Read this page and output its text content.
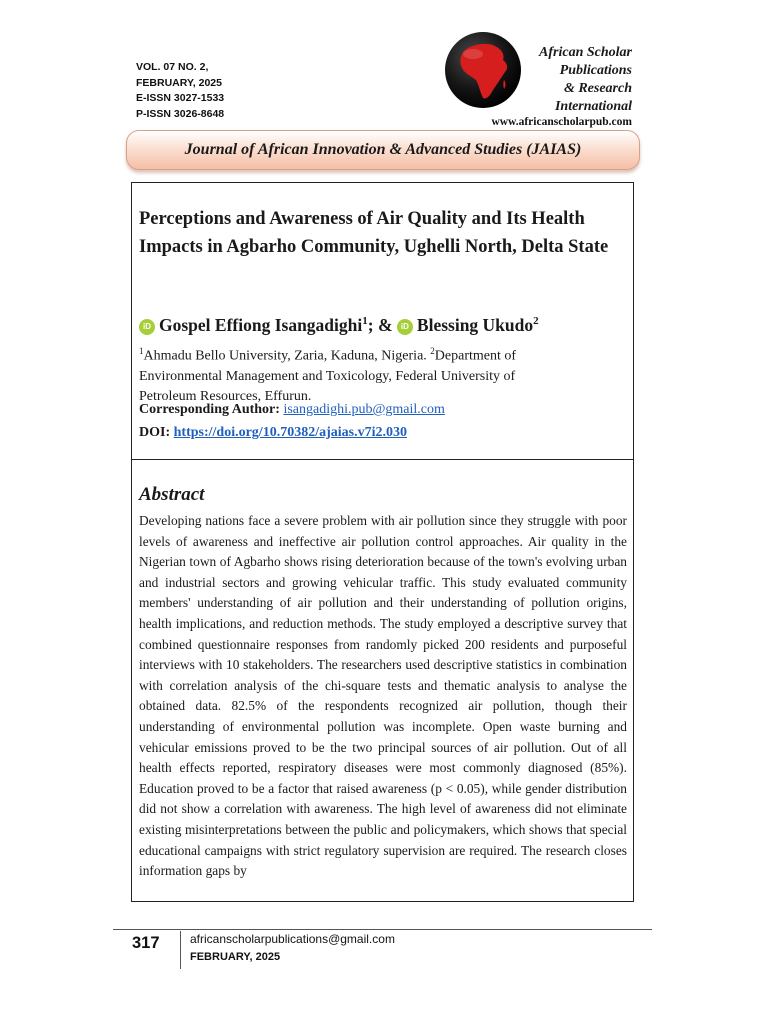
VOL. 07 NO. 2,
FEBRUARY, 2025
E-ISSN 3027-1533
P-ISSN 3026-8648
African Scholar
Publications
& Research
International
www.africanscholarpub.com
Journal of African Innovation & Advanced Studies (JAIAS)
Perceptions and Awareness of Air Quality and Its Health Impacts in Agbarho Community, Ughelli North, Delta State
iD Gospel Effiong Isangadighi$^1$; & iD Blessing Ukudo$^2$
$^1$Ahmadu Bello University, Zaria, Kaduna, Nigeria. $^2$Department of Environmental Management and Toxicology, Federal University of Petroleum Resources, Effurun.
Corresponding Author: isangadighi.pub@gmail.com
DOI: https://doi.org/10.70382/ajaias.v7i2.030
Abstract
Developing nations face a severe problem with air pollution since they struggle with poor levels of awareness and ineffective air pollution control approaches. Air quality in the Nigerian town of Agbarho shows rising deterioration because of the town's evolving urban and industrial sectors and growing vehicular traffic. This study evaluated community members' understanding of air pollution and their understanding of pollution origins, health implications, and reduction methods. The study employed a descriptive survey that combined questionnaire responses from randomly picked 200 residents and purposeful interviews with 10 stakeholders. The researchers used descriptive statistics in combination with correlation analysis of the chi-square tests and thematic analysis to analyse the obtained data. 82.5% of the respondents recognized air pollution, though their understanding of environmental pollution was incomplete. Open waste burning and vehicular emissions proved to be the two principal sources of air pollution. Out of all health effects reported, respiratory diseases were most commonly diagnosed (85%). Education proved to be a factor that raised awareness (p < 0.05), while gender distribution did not show a correlation with awareness. The high level of awareness did not eliminate existing misinterpretations between the public and policymakers, which shows that special educational campaigns with strict regulatory supervision are required. The research closes information gaps by
317	africanscholarpublications@gmail.com
FEBRUARY, 2025
